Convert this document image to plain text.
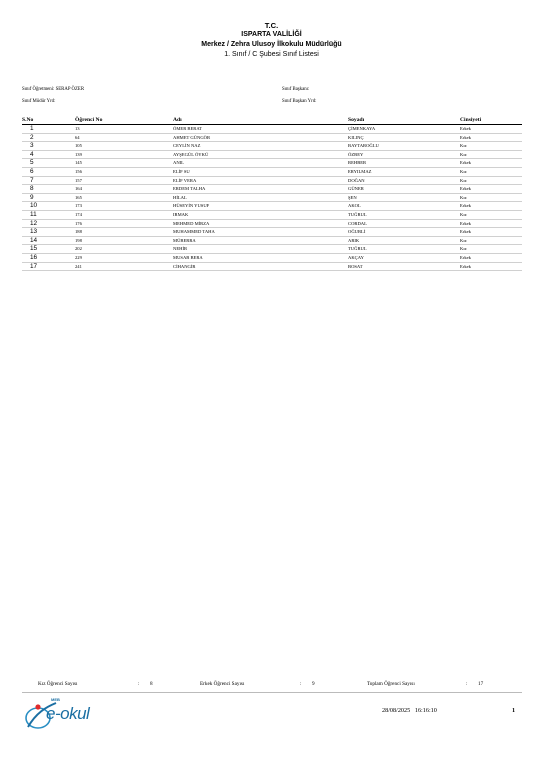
T.C.
ISPARTA VALİLİĞİ
Merkez / Zehra Ulusoy İlkokulu Müdürlüğü
1. Sınıf / C Şubesi Sınıf Listesi
Sınıf Öğretmeni: SERAP ÖZER	Sınıf Başkanı:
Sınıf Müdür Yrd:	Sınıf Başkan Yrd:
S.No	Öğrenci No	Adı	Soyadı	Cinsiyeti
1	13	ÖMER BERAT	ÇİMENKAYA	Erkek
2	64	AHMET GÜNGÖR	KILINÇ	Erkek
3	105	CEYLİN NAZ	BAYTAROĞLU	Kız
4	139	AYŞEGÜL ÖYKÜ	ÖZBEY	Kız
5	145	ANIL	REHBER	Erkek
6	156	ELİF SU	ERYILMAZ	Kız
7	157	ELİF VERA	DOĞAN	Kız
8	164	ERDEM TALHA	GÜNER	Erkek
9	165	HİLAL	ŞEN	Kız
10	173	HÜSEYİN YUSUF	AKOL	Erkek
11	174	IRMAK	TUĞRUL	Kız
12	176	MEHMED MİRZA	CORDAL	Erkek
13	188	MUHAMMED TAHA	OĞURLİ	Erkek
14	198	MÜBERRA	ARIK	Kız
15	202	NEHİR	TUĞRUL	Kız
16	229	MUSAB BERA	AKÇAY	Erkek
17	241	CİHANGİR	BOSAT	Erkek
Kız Öğrenci Sayısı	: 8	Erkek Öğrenci Sayısı	: 9	Toplam Öğrenci Sayısı	: 17
MEB
e-okul	28/08/2025 16:16:10	1
